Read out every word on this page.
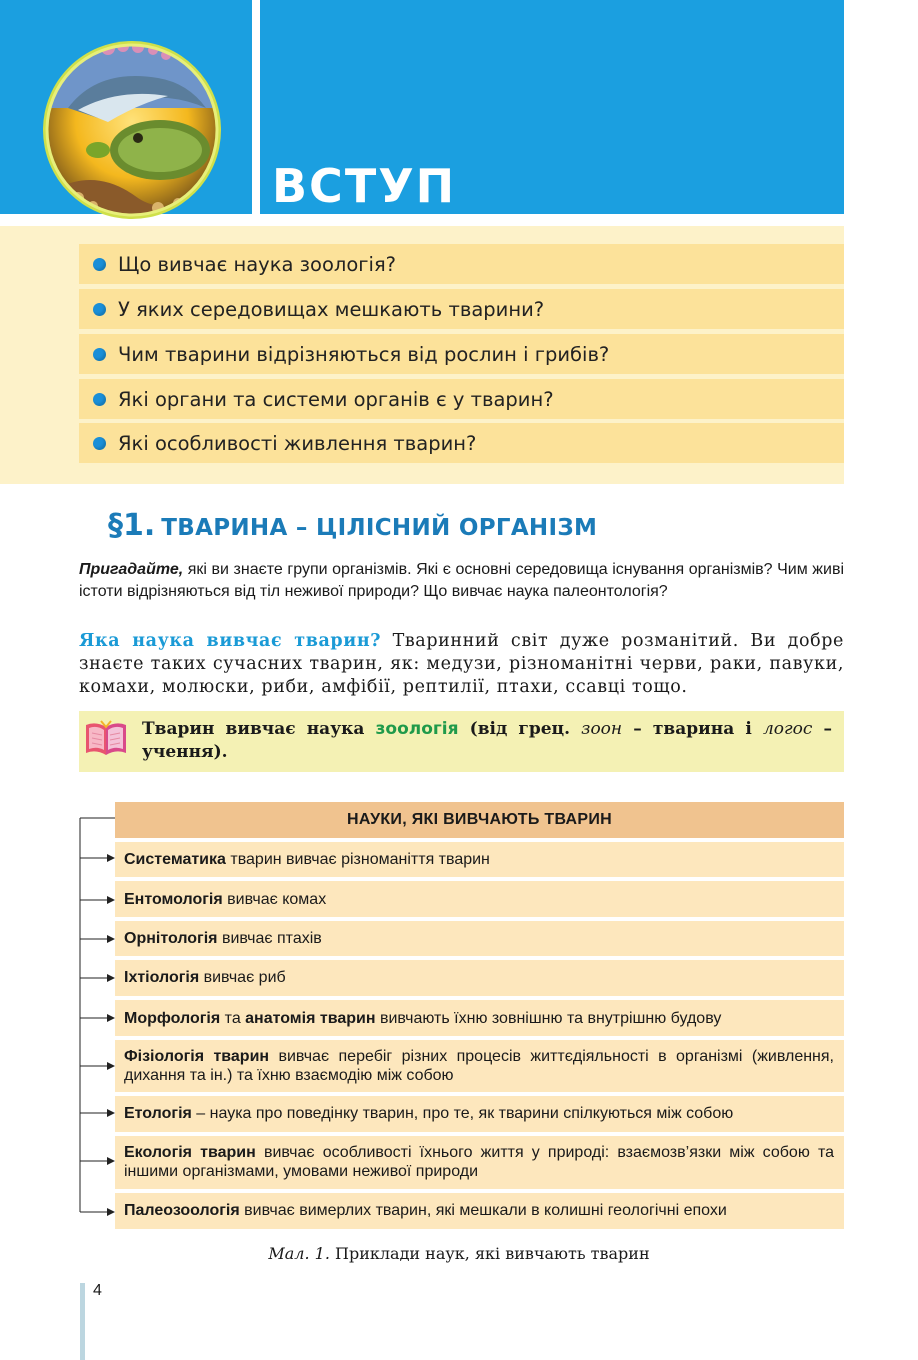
ВСТУП
Що вивчає наука зоологія?
У яких середовищах мешкають тварини?
Чим тварини відрізняються від рослин і грибів?
Які органи та системи органів є у тварин?
Які особливості живлення тварин?
§1. ТВАРИНА – ЦІЛІСНИЙ ОРГАНІЗМ
Пригадайте, які ви знаєте групи організмів. Які є основні середовища існування організмів? Чим живі істоти відрізняються від тіл неживої природи? Що вивчає наука палеонтологія?
Яка наука вивчає тварин? Тваринний світ дуже розманітий. Ви добре знаєте таких сучасних тварин, як: медузи, різноманітні черви, раки, павуки, комахи, молюски, риби, амфібії, рептилії, птахи, ссавці тощо.
Тварин вивчає наука зоологія (від грец. зоон – тварина і логос – учення).
НАУКИ, ЯКІ ВИВЧАЮТЬ ТВАРИН
Систематика тварин вивчає різноманіття тварин
Ентомологія вивчає комах
Орнітологія вивчає птахів
Іхтіологія вивчає риб
Морфологія та анатомія тварин вивчають їхню зовнішню та внутрішню будову
Фізіологія тварин вивчає перебіг різних процесів життєдіяльності в організмі (живлення, дихання та ін.) та їхню взаємодію між собою
Етологія – наука про поведінку тварин, про те, як тварини спілкуються між собою
Екологія тварин вивчає особливості їхнього життя у природі: взаємозв’язки між собою та іншими організмами, умовами неживої природи
Палеозоологія вивчає вимерлих тварин, які мешкали в колишні геологічні епохи
Мал. 1. Приклади наук, які вивчають тварин
4
